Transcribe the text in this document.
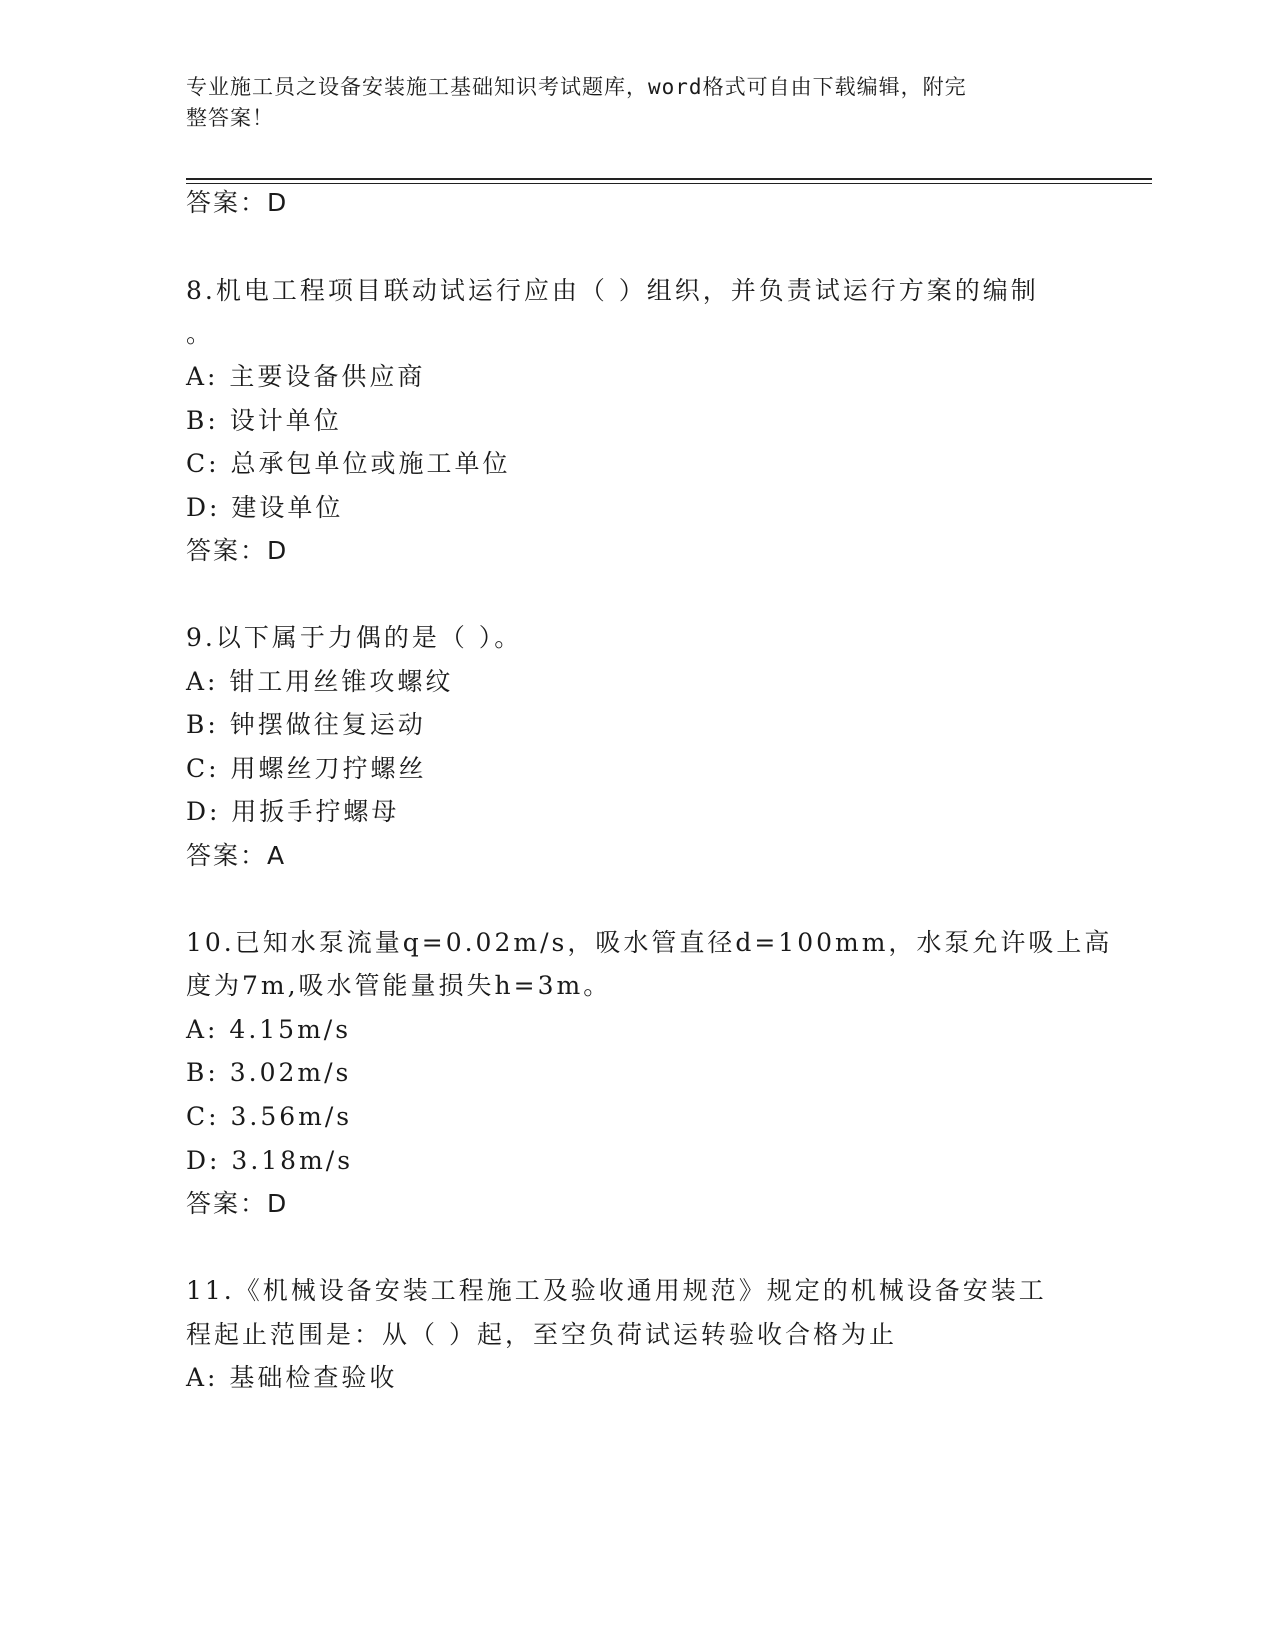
专业施工员之设备安装施工基础知识考试题库，word格式可自由下载编辑，附完
整答案！
答案：D
8.机电工程项目联动试运行应由（ ）组织，并负责试运行方案的编制
。
A: 主要设备供应商
B: 设计单位
C: 总承包单位或施工单位
D: 建设单位
答案：D
9.以下属于力偶的是（ ）。
A: 钳工用丝锥攻螺纹
B: 钟摆做往复运动
C: 用螺丝刀拧螺丝
D: 用扳手拧螺母
答案：A
10.已知水泵流量q=0.02m/s，吸水管直径d=100mm，水泵允许吸上高
度为7m,吸水管能量损失h=3m。
A: 4.15m/s
B: 3.02m/s
C: 3.56m/s
D: 3.18m/s
答案：D
11.《机械设备安装工程施工及验收通用规范》规定的机械设备安装工
程起止范围是：从（ ）起，至空负荷试运转验收合格为止
A: 基础检查验收
